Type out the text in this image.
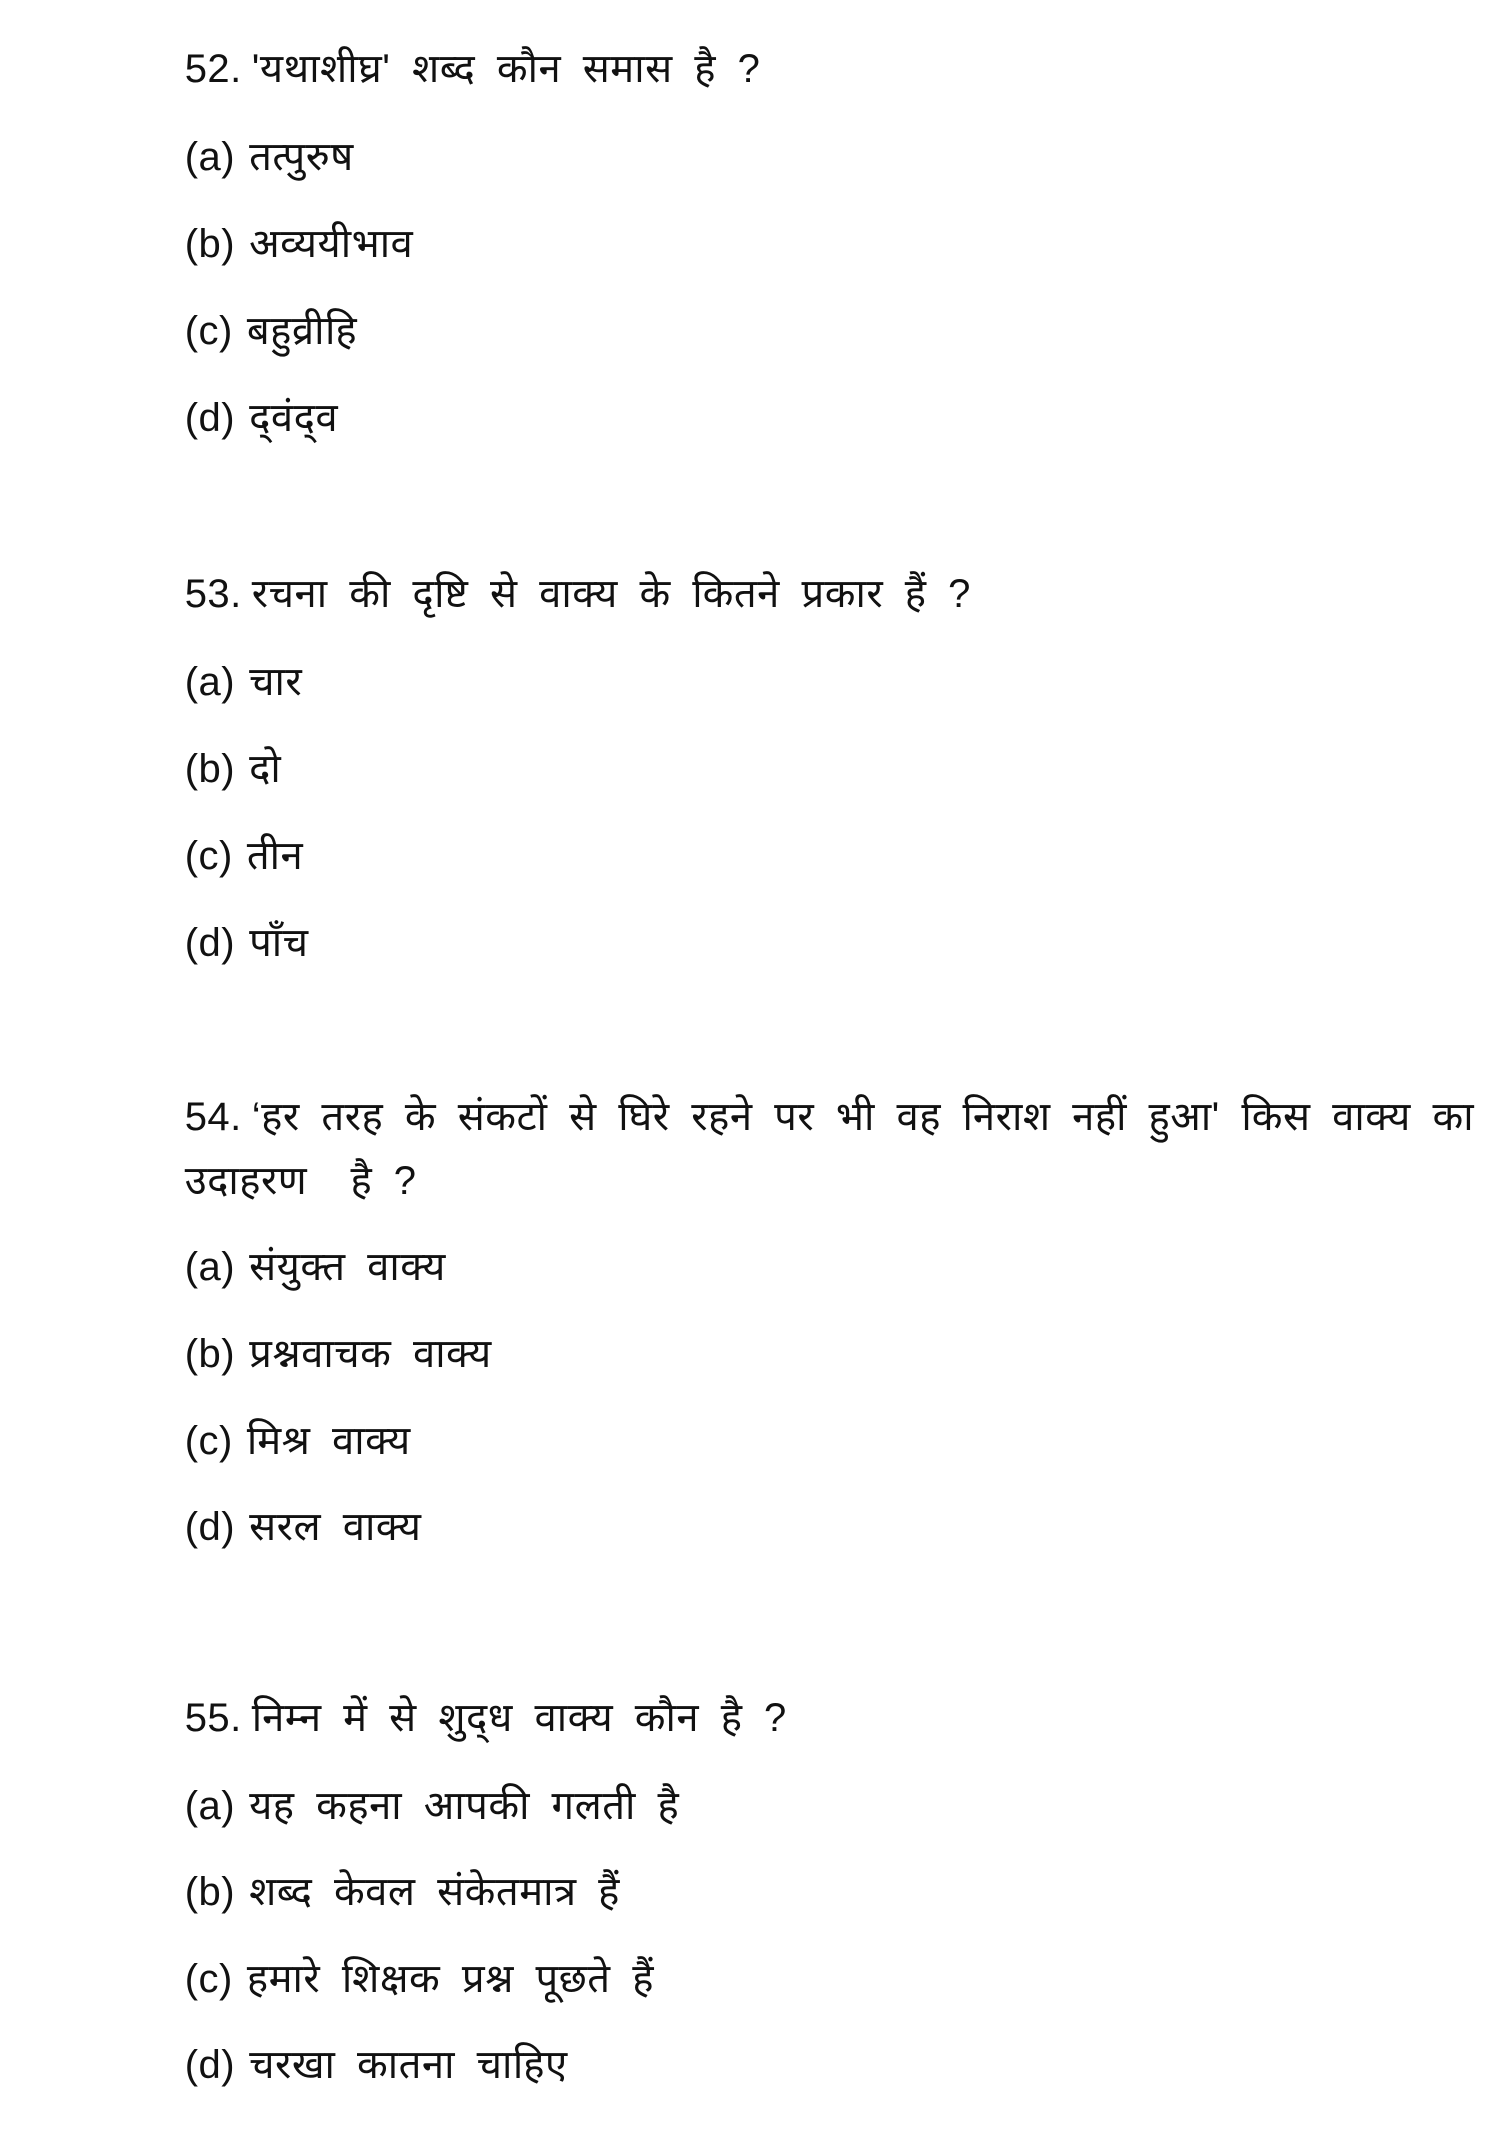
52. 'यथाशीघ्र' शब्द कौन समास है ?

(a) तत्पुरुष

(b) अव्ययीभाव

(c) बहुव्रीहि

(d) द्‌वंद्‌व

53. रचना की दृष्टि से वाक्य के कितने प्रकार हैं ?

(a) चार

(b) दो

(c) तीन

(d) पाँच

54. ‘हर तरह के संकटों से घिरे रहने पर भी वह निराश नहीं हुआ' किस वाक्य का

उदाहरण  है ?

(a) संयुक्त वाक्य

(b) प्रश्नवाचक वाक्य

(c) मिश्र वाक्य

(d) सरल वाक्य

55. निम्न में से शुद्‌ध वाक्य कौन है ?

(a) यह कहना आपकी गलती है

(b) शब्द केवल संकेतमात्र हैं

(c) हमारे शिक्षक प्रश्न पूछते हैं

(d) चरखा कातना चाहिए
